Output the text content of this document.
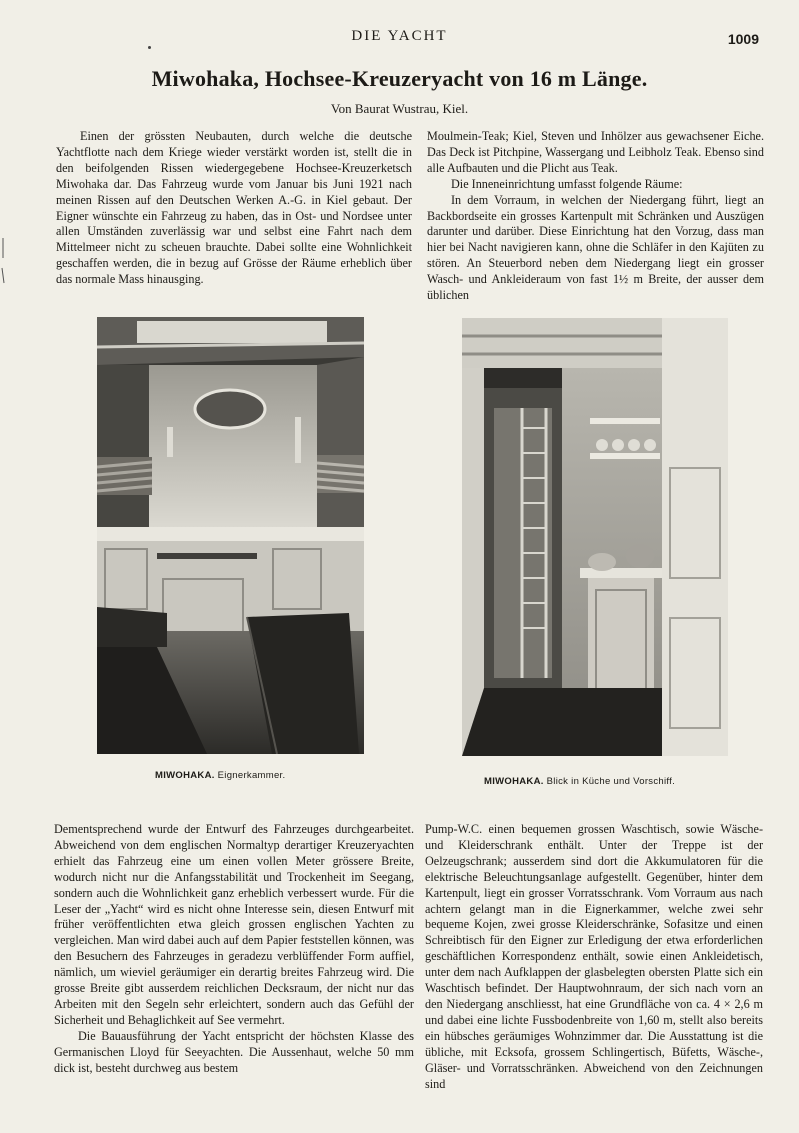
DIE YACHT	1009
Miwohaka, Hochsee-Kreuzeryacht von 16 m Länge.
Von Baurat Wustrau, Kiel.

Einen der grössten Neubauten, durch welche die deutsche Yachtflotte nach dem Kriege wieder verstärkt worden ist, stellt die in den beifolgenden Rissen wiedergegebene Hochsee-Kreuzerketsch Miwohaka dar. Das Fahrzeug wurde vom Januar bis Juni 1921 nach meinen Rissen auf den Deutschen Werken A.-G. in Kiel gebaut. Der Eigner wünschte ein Fahrzeug zu haben, das in Ost- und Nordsee unter allen Umständen zuverlässig war und selbst eine Fahrt nach dem Mittelmeer nicht zu scheuen brauchte. Dabei sollte eine Wohnlichkeit geschaffen werden, die in bezug auf Grösse der Räume erheblich über das normale Mass hinausging.

Moulmein-Teak; Kiel, Steven und Inhölzer aus gewachsener Eiche. Das Deck ist Pitchpine, Wassergang und Leibholz Teak. Ebenso sind alle Aufbauten und die Plicht aus Teak.

Die Inneneinrichtung umfasst folgende Räume:

In dem Vorraum, in welchen der Niedergang führt, liegt an Backbordseite ein grosses Kartenpult mit Schränken und Auszügen darunter und darüber. Diese Einrichtung hat den Vorzug, dass man hier bei Nacht navigieren kann, ohne die Schläfer in den Kajüten zu stören. An Steuerbord neben dem Niedergang liegt ein grosser Wasch- und Ankleideraum von fast 1½ m Breite, der ausser dem üblichen

MIWOHAKA. Eignerkammer.
MIWOHAKA. Blick in Küche und Vorschiff.

Dementsprechend wurde der Entwurf des Fahrzeuges durchgearbeitet. Abweichend von dem englischen Normaltyp derartiger Kreuzeryachten erhielt das Fahrzeug eine um einen vollen Meter grössere Breite, wodurch nicht nur die Anfangsstabilität und Trockenheit im Seegang, sondern auch die Wohnlichkeit ganz erheblich verbessert wurde. Für die Leser der „Yacht“ wird es nicht ohne Interesse sein, diesen Entwurf mit früher veröffentlichten etwa gleich grossen englischen Yachten zu vergleichen. Man wird dabei auch auf dem Papier feststellen können, was den Besuchern des Fahrzeuges in geradezu verblüffender Form auffiel, nämlich, um wieviel geräumiger ein derartig breites Fahrzeug wird. Die grosse Breite gibt ausserdem reichlichen Decksraum, der nicht nur das Arbeiten mit den Segeln sehr erleichtert, sondern auch das Gefühl der Sicherheit und Behaglichkeit auf See vermehrt.

Die Bauausführung der Yacht entspricht der höchsten Klasse des Germanischen Lloyd für Seeyachten. Die Aussenhaut, welche 50 mm dick ist, besteht durchweg aus bestem

Pump-W.C. einen bequemen grossen Waschtisch, sowie Wäsche- und Kleiderschrank enthält. Unter der Treppe ist der Oelzeugschrank; ausserdem sind dort die Akkumulatoren für die elektrische Beleuchtungsanlage aufgestellt. Gegenüber, hinter dem Kartenpult, liegt ein grosser Vorratsschrank. Vom Vorraum aus nach achtern gelangt man in die Eignerkammer, welche zwei sehr bequeme Kojen, zwei grosse Kleiderschränke, Sofasitze und einen Schreibtisch für den Eigner zur Erledigung der etwa erforderlichen geschäftlichen Korrespondenz enthält, sowie einen Ankleidetisch, unter dem nach Aufklappen der glasbelegten obersten Platte sich ein Waschtisch befindet. Der Hauptwohnraum, der sich nach vorn an den Niedergang anschliesst, hat eine Grundfläche von ca. 4 × 2,6 m und dabei eine lichte Fussbodenbreite von 1,60 m, stellt also bereits ein hübsches geräumiges Wohnzimmer dar. Die Ausstattung ist die übliche, mit Ecksofa, grossem Schlingertisch, Büfetts, Wäsche-, Gläser- und Vorratsschränken. Abweichend von den Zeichnungen sind
